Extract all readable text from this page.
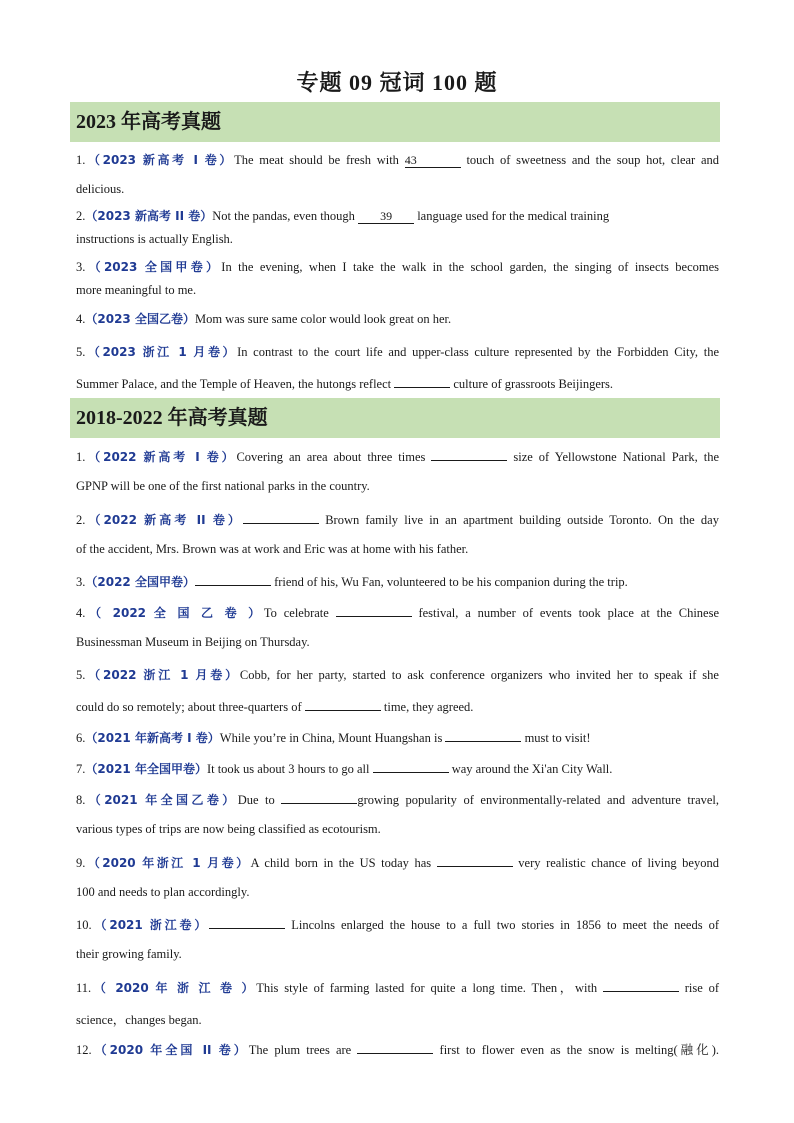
专题 09 冠词 100 题
2023 年高考真题
1.（2023 新高考 I 卷）The meat should be fresh with 43	touch of sweetness and the soup hot, clear and
delicious.
2.（2023 新高考 II 卷）Not the pandas, even though 39 language used for the medical training
instructions is actually English.
3.（2023 全国甲卷）In the evening, when I take the walk in the school garden, the singing of insects becomes
more meaningful to me.
4.（2023 全国乙卷）Mom was sure same color would look great on her.
5.（2023 浙江 1 月卷）In contrast to the court life and upper-class culture represented by the Forbidden City, the
Summer Palace, and the Temple of Heaven, the hutongs reflect	culture of grassroots Beijingers.
2018-2022 年高考真题
1.（2022 新高考 I 卷）Covering an area about three times	size of Yellowstone National Park, the
GPNP will be one of the first national parks in the country.
2.（2022 新高考 II 卷）	Brown family live in an apartment building outside Toronto. On the day
of the accident, Mrs. Brown was at work and Eric was at home with his father.
3.（2022 全国甲卷）	friend of his, Wu Fan, volunteered to be his companion during the trip.
4.（ 2022 全 国 乙 卷 ）To celebrate	festival, a number of events took place at the Chinese
Businessman Museum in Beijing on Thursday.
5.（2022 浙江 1 月卷）Cobb, for her party, started to ask conference organizers who invited her to speak if she
could do so remotely; about three-quarters of	time, they agreed.
6.（2021 年新高考 I 卷）While you’re in China, Mount Huangshan is	must to visit!
7.（2021 年全国甲卷）It took us about 3 hours to go all	way around the Xi'an City Wall.
8.（2021 年全国乙卷）Due to	growing popularity of environmentally-related and adventure travel,
various types of trips are now being classified as ecotourism.
9.（2020 年浙江 1 月卷）A child born in the US today has	very realistic chance of living beyond
100 and needs to plan accordingly.
10.（2021 浙江卷）	Lincolns enlarged the house to a full two stories in 1856 to meet the needs of
their growing family.
11.（ 2020 年 浙 江 卷 ）This style of farming lasted for quite a long time. Then，with	rise of
science，changes began.
12.（2020 年全国 II 卷）The plum trees are	first to flower even as the snow is melting(融化).
